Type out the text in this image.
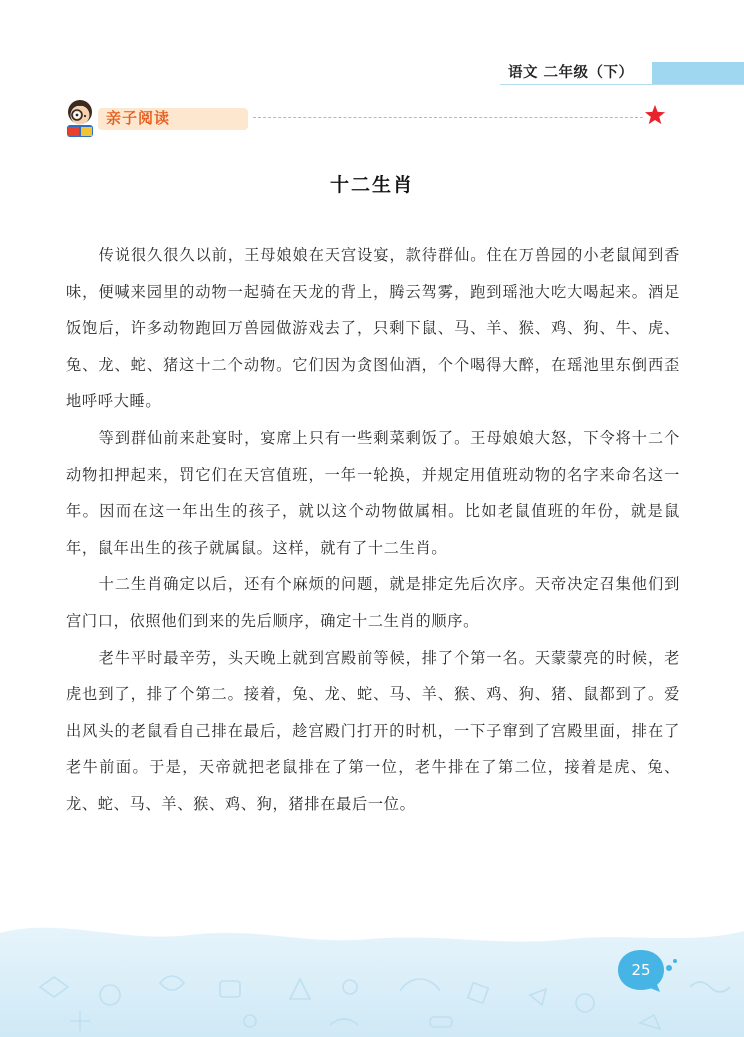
语文 二年级（下）
亲子阅读
十二生肖

传说很久很久以前，王母娘娘在天宫设宴，款待群仙。住在万兽园的小老鼠闻到香味，便喊来园里的动物一起骑在天龙的背上，腾云驾雾，跑到瑶池大吃大喝起来。酒足饭饱后，许多动物跑回万兽园做游戏去了，只剩下鼠、马、羊、猴、鸡、狗、牛、虎、兔、龙、蛇、猪这十二个动物。它们因为贪图仙酒，个个喝得大醉，在瑶池里东倒西歪地呼呼大睡。

等到群仙前来赴宴时，宴席上只有一些剩菜剩饭了。王母娘娘大怒，下令将十二个动物扣押起来，罚它们在天宫值班，一年一轮换，并规定用值班动物的名字来命名这一年。因而在这一年出生的孩子，就以这个动物做属相。比如老鼠值班的年份，就是鼠年，鼠年出生的孩子就属鼠。这样，就有了十二生肖。

十二生肖确定以后，还有个麻烦的问题，就是排定先后次序。天帝决定召集他们到宫门口，依照他们到来的先后顺序，确定十二生肖的顺序。

老牛平时最辛劳，头天晚上就到宫殿前等候，排了个第一名。天蒙蒙亮的时候，老虎也到了，排了个第二。接着，兔、龙、蛇、马、羊、猴、鸡、狗、猪、鼠都到了。爱出风头的老鼠看自己排在最后，趁宫殿门打开的时机，一下子窜到了宫殿里面，排在了老牛前面。于是，天帝就把老鼠排在了第一位，老牛排在了第二位，接着是虎、兔、龙、蛇、马、羊、猴、鸡、狗，猪排在最后一位。

25
